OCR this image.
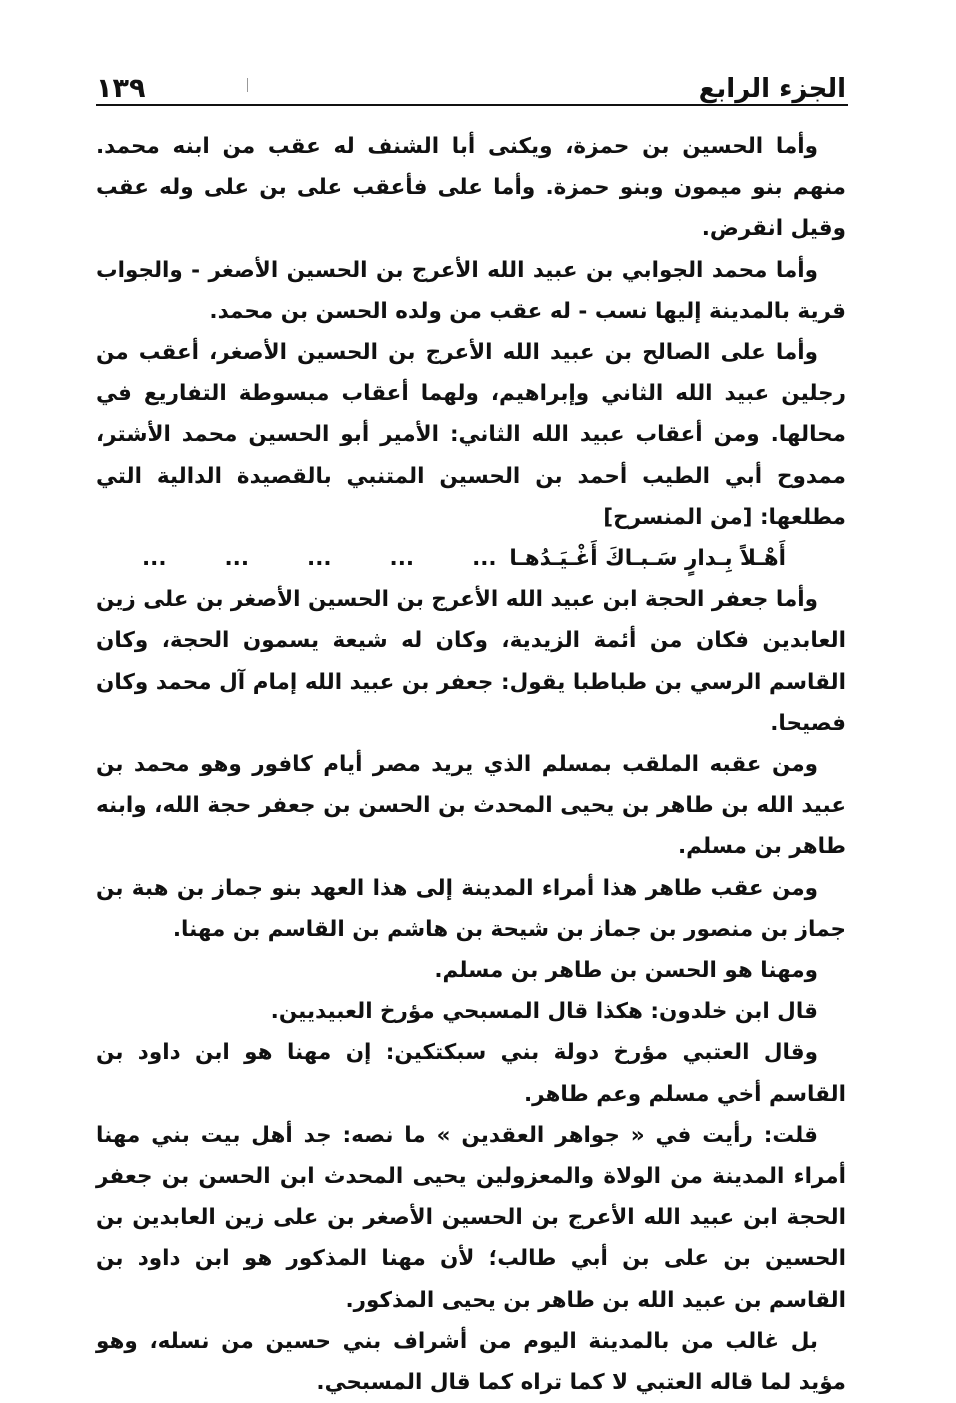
الجزء الرابع
١٣٩

وأما الحسين بن حمزة، ويكنى أبا الشنف له عقب من ابنه محمد. منهم بنو ميمون وبنو حمزة. وأما على فأعقب على بن على وله عقب وقيل انقرض.

وأما محمد الجوابي بن عبيد الله الأعرج بن الحسين الأصغر - والجواب قرية بالمدينة إليها نسب - له عقب من ولده الحسن بن محمد.

وأما على الصالح بن عبيد الله الأعرج بن الحسين الأصغر، أعقب من رجلين عبيد الله الثاني وإبراهيم، ولهما أعقاب مبسوطة التفاريع في محالها. ومن أعقاب عبيد الله الثاني: الأمير أبو الحسين محمد الأشتر، ممدوح أبي الطيب أحمد بن الحسين المتنبي بالقصيدة الدالية التي مطلعها: [من المنسرح]

أَهْـلاً بِـدارٍ سَـبـاكَ أَغْـيَـدُهـا
...	...	...	...	...

وأما جعفر الحجة ابن عبيد الله الأعرج بن الحسين الأصغر بن على زين العابدين فكان من أئمة الزيدية، وكان له شيعة يسمون الحجة، وكان القاسم الرسي بن طباطبا يقول: جعفر بن عبيد الله إمام آل محمد وكان فصيحا.

ومن عقبه الملقب بمسلم الذي يريد مصر أيام كافور وهو محمد بن عبيد الله بن طاهر بن يحيى المحدث بن الحسن بن جعفر حجة الله، وابنه طاهر بن مسلم.

ومن عقب طاهر هذا أمراء المدينة إلى هذا العهد بنو جماز بن هبة بن جماز بن منصور بن جماز بن شيحة بن هاشم بن القاسم بن مهنا.

ومهنا هو الحسن بن طاهر بن مسلم.

قال ابن خلدون: هكذا قال المسبحي مؤرخ العبيديين.

وقال العتبي مؤرخ دولة بني سبكتكين: إن مهنا هو ابن داود بن القاسم أخي مسلم وعم طاهر.

قلت: رأيت في « جواهر العقدين » ما نصه: جد أهل بيت بني مهنا أمراء المدينة من الولاة والمعزولين يحيى المحدث ابن الحسن بن جعفر الحجة ابن عبيد الله الأعرج بن الحسين الأصغر بن على زين العابدين بن الحسين بن على بن أبي طالب؛ لأن مهنا المذكور هو ابن داود بن القاسم بن عبيد الله بن طاهر بن يحيى المذكور.

بل غالب من بالمدينة اليوم من أشراف بني حسين من نسله، وهو مؤيد لما قاله العتبي لا كما تراه كما قال المسبحي.
